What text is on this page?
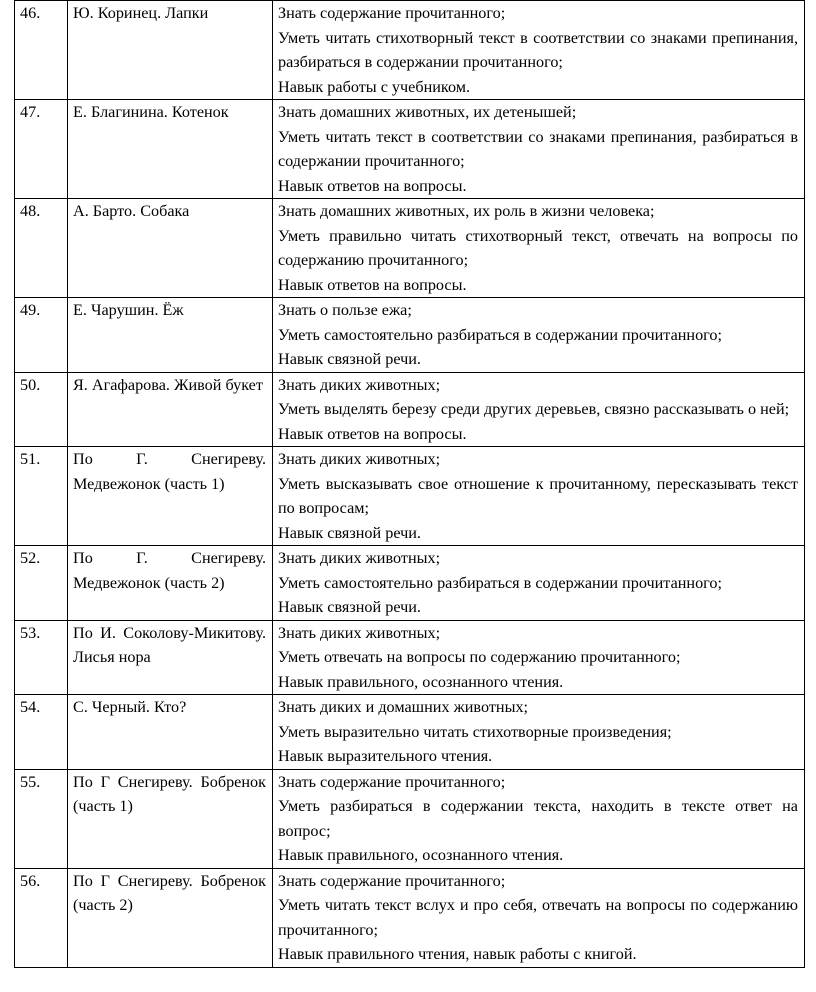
46.	Ю. Коринец. Лапки	Знать содержание прочитанного;
Уметь читать стихотворный текст в соответствии со знаками препинания, разбираться в содержании прочитанного;
Навык работы с учебником.

47.	Е. Благинина. Котенок	Знать домашних животных, их детенышей;
Уметь читать текст в соответствии со знаками препинания, разбираться в содержании прочитанного;
Навык ответов на вопросы.

48.	А. Барто. Собака	Знать домашних животных, их роль в жизни человека;
Уметь правильно читать стихотворный текст, отвечать на вопросы по содержанию прочитанного;
Навык ответов на вопросы.

49.	Е. Чарушин. Ёж	Знать о пользе ежа;
Уметь самостоятельно разбираться в содержании прочитанного;
Навык связной речи.

50.	Я. Агафарова. Живой букет	Знать диких животных;
Уметь выделять березу среди других деревьев, связно рассказывать о ней;
Навык ответов на вопросы.

51.	По Г. Снегиреву. Медвежонок (часть 1)	Знать диких животных;
Уметь высказывать свое отношение к прочитанному, пересказывать текст по вопросам;
Навык связной речи.

52.	По Г. Снегиреву. Медвежонок (часть 2)	Знать диких животных;
Уметь самостоятельно разбираться в содержании прочитанного;
Навык связной речи.

53.	По И. Соколову-Микитову. Лисья нора	Знать диких животных;
Уметь отвечать на вопросы по содержанию прочитанного;
Навык правильного, осознанного чтения.

54.	С. Черный. Кто?	Знать диких и домашних животных;
Уметь выразительно читать стихотворные произведения;
Навык выразительного чтения.

55.	По Г Снегиреву. Бобренок (часть 1)	Знать содержание прочитанного;
Уметь разбираться в содержании текста, находить в тексте ответ на вопрос;
Навык правильного, осознанного чтения.

56.	По Г Снегиреву. Бобренок (часть 2)	Знать содержание прочитанного;
Уметь читать текст вслух и про себя, отвечать на вопросы по содержанию прочитанного;
Навык правильного чтения, навык работы с книгой.
